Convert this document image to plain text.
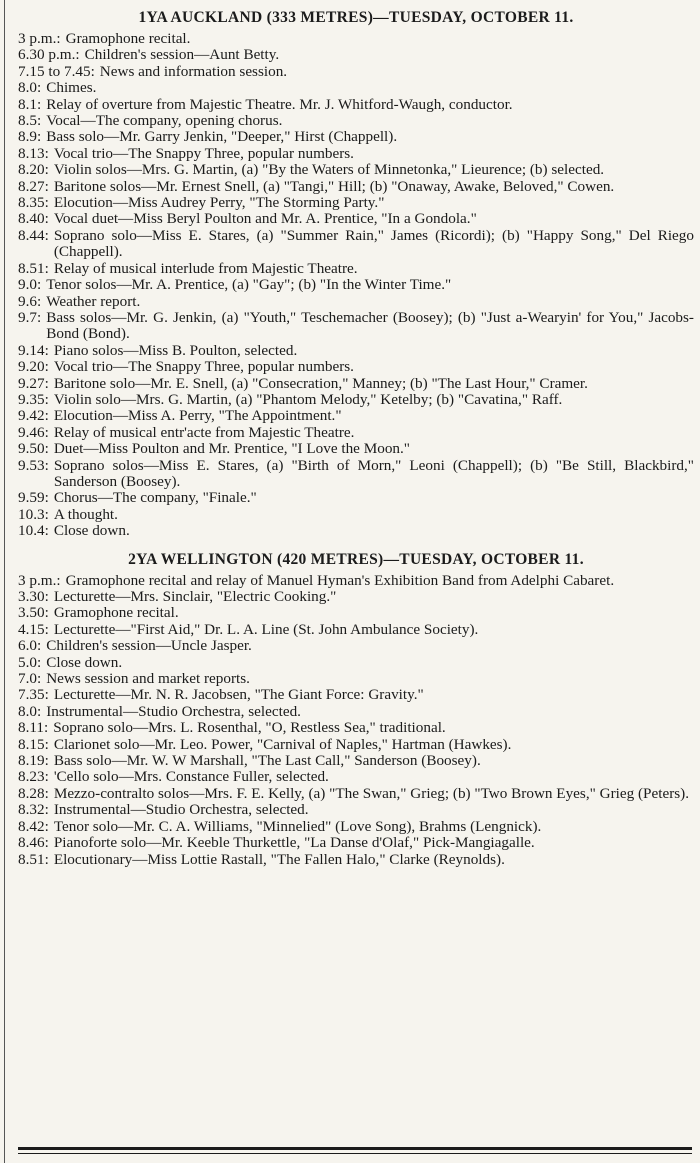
1YA AUCKLAND (333 METRES)—TUESDAY, OCTOBER 11.
3 p.m.: Gramophone recital.
6.30 p.m.: Children's session—Aunt Betty.
7.15 to 7.45: News and information session.
8.0: Chimes.
8.1: Relay of overture from Majestic Theatre. Mr. J. Whitford-Waugh, conductor.
8.5: Vocal—The company, opening chorus.
8.9: Bass solo—Mr. Garry Jenkin, "Deeper," Hirst (Chappell).
8.13: Vocal trio—The Snappy Three, popular numbers.
8.20: Violin solos—Mrs. G. Martin, (a) "By the Waters of Minnetonka," Lieurence; (b) selected.
8.27: Baritone solos—Mr. Ernest Snell, (a) "Tangi," Hill; (b) "Onaway, Awake, Beloved," Cowen.
8.35: Elocution—Miss Audrey Perry, "The Storming Party."
8.40: Vocal duet—Miss Beryl Poulton and Mr. A. Prentice, "In a Gondola."
8.44: Soprano solo—Miss E. Stares, (a) "Summer Rain," James (Ricordi); (b) "Happy Song," Del Riego (Chappell).
8.51: Relay of musical interlude from Majestic Theatre.
9.0: Tenor solos—Mr. A. Prentice, (a) "Gay"; (b) "In the Winter Time."
9.6: Weather report.
9.7: Bass solos—Mr. G. Jenkin, (a) "Youth," Teschemacher (Boosey); (b) "Just a-Wearyin' for You," Jacobs-Bond (Bond).
9.14: Piano solos—Miss B. Poulton, selected.
9.20: Vocal trio—The Snappy Three, popular numbers.
9.27: Baritone solo—Mr. E. Snell, (a) "Consecration," Manney; (b) "The Last Hour," Cramer.
9.35: Violin solo—Mrs. G. Martin, (a) "Phantom Melody," Ketelby; (b) "Cavatina," Raff.
9.42: Elocution—Miss A. Perry, "The Appointment."
9.46: Relay of musical entr'acte from Majestic Theatre.
9.50: Duet—Miss Poulton and Mr. Prentice, "I Love the Moon."
9.53: Soprano solos—Miss E. Stares, (a) "Birth of Morn," Leoni (Chappell); (b) "Be Still, Blackbird," Sanderson (Boosey).
9.59: Chorus—The company, "Finale."
10.3: A thought.
10.4: Close down.
2YA WELLINGTON (420 METRES)—TUESDAY, OCTOBER 11.
3 p.m.: Gramophone recital and relay of Manuel Hyman's Exhibition Band from Adelphi Cabaret.
3.30: Lecturette—Mrs. Sinclair, "Electric Cooking."
3.50: Gramophone recital.
4.15: Lecturette—"First Aid," Dr. L. A. Line (St. John Ambulance Society).
6.0: Children's session—Uncle Jasper.
5.0: Close down.
7.0: News session and market reports.
7.35: Lecturette—Mr. N. R. Jacobsen, "The Giant Force: Gravity."
8.0: Instrumental—Studio Orchestra, selected.
8.11: Soprano solo—Mrs. L. Rosenthal, "O, Restless Sea," traditional.
8.15: Clarionet solo—Mr. Leo. Power, "Carnival of Naples," Hartman (Hawkes).
8.19: Bass solo—Mr. W. W Marshall, "The Last Call," Sanderson (Boosey).
8.23: 'Cello solo—Mrs. Constance Fuller, selected.
8.28: Mezzo-contralto solos—Mrs. F. E. Kelly, (a) "The Swan," Grieg; (b) "Two Brown Eyes," Grieg (Peters).
8.32: Instrumental—Studio Orchestra, selected.
8.42: Tenor solo—Mr. C. A. Williams, "Minnelied" (Love Song), Brahms (Lengnick).
8.46: Pianoforte solo—Mr. Keeble Thurkettle, "La Danse d'Olaf," Pick-Mangiagalle.
8.51: Elocutionary—Miss Lottie Rastall, "The Fallen Halo," Clarke (Reynolds).
